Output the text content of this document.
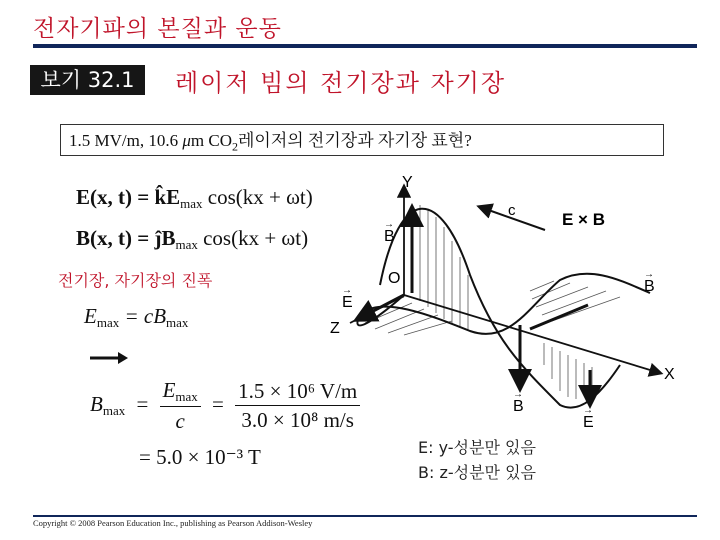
전자기파의 본질과 운동
보기 32.1	레이저 빔의 전기장과 자기장
1.5 MV/m, 10.6 μm $CO_2$레이저의 전기장과 자기장 표현?
E(x, t) = k̂Emax cos(kx + ωt)
B(x, t) = ĵBmax cos(kx + ωt)
전기장, 자기장의 진폭
Emax = cBmax
$Bmax = \frac{Emax}{c} = \frac{\text{1.5 × 10⁶ V/m}}{\text{3.0 × 10⁸ m/s}}$
= 5.0 × 10⁻³ T
Y
X
Z
O
c	E × B
→
B
→
E
→
B
→
B	→
E
E: y-성분만 있음
B: z-성분만 있음
Copyright © 2008 Pearson Education Inc., publishing as Pearson Addison-Wesley
